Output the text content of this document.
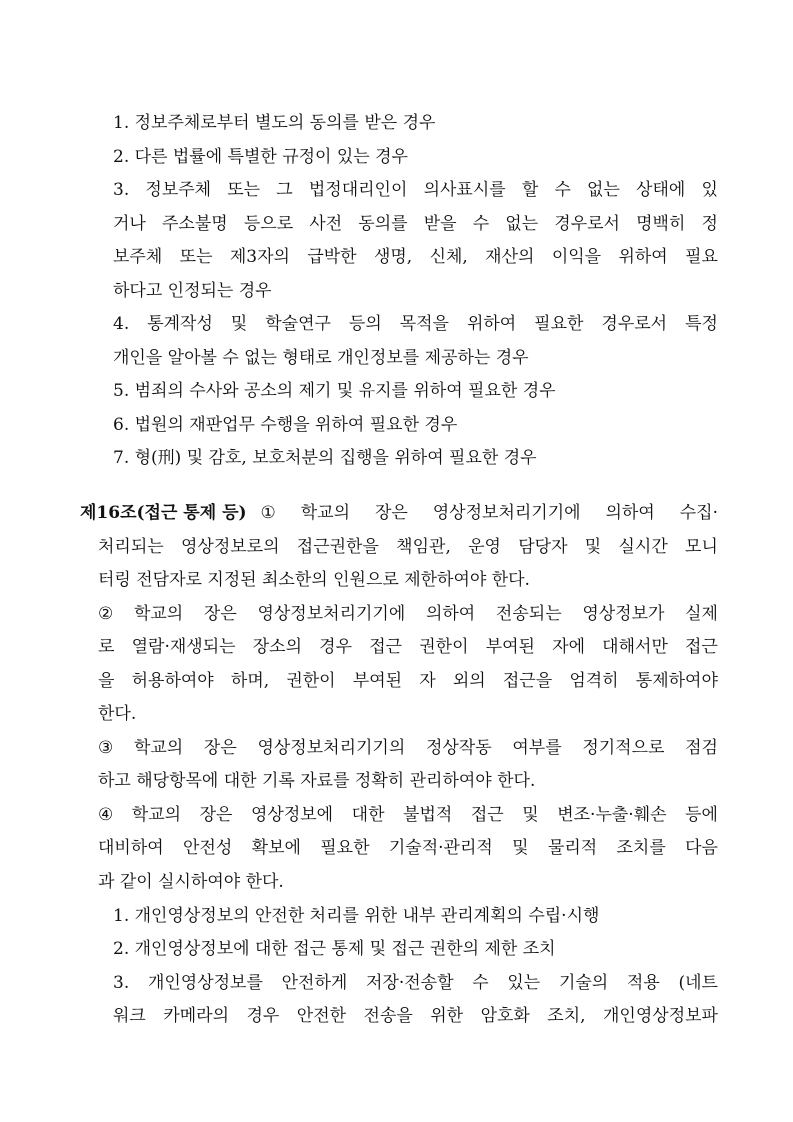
1. 정보주체로부터 별도의 동의를 받은 경우
2. 다른 법률에 특별한 규정이 있는 경우
3. 정보주체 또는 그 법정대리인이 의사표시를 할 수 없는 상태에 있
거나 주소불명 등으로 사전 동의를 받을 수 없는 경우로서 명백히 정
보주체 또는 제3자의 급박한 생명, 신체, 재산의 이익을 위하여 필요
하다고 인정되는 경우
4. 통계작성 및 학술연구 등의 목적을 위하여 필요한 경우로서 특정
개인을 알아볼 수 없는 형태로 개인정보를 제공하는 경우
5. 범죄의 수사와 공소의 제기 및 유지를 위하여 필요한 경우
6. 법원의 재판업무 수행을 위하여 필요한 경우
7. 형(刑) 및 감호, 보호처분의 집행을 위하여 필요한 경우
제16조(접근 통제 등) ① 학교의 장은 영상정보처리기기에 의하여 수집·
처리되는 영상정보로의 접근권한을 책임관, 운영 담당자 및 실시간 모니
터링 전담자로 지정된 최소한의 인원으로 제한하여야 한다.
② 학교의 장은 영상정보처리기기에 의하여 전송되는 영상정보가 실제
로 열람·재생되는 장소의 경우 접근 권한이 부여된 자에 대해서만 접근
을 허용하여야 하며, 권한이 부여된 자 외의 접근을 엄격히 통제하여야
한다.
③ 학교의 장은 영상정보처리기기의 정상작동 여부를 정기적으로 점검
하고 해당항목에 대한 기록 자료를 정확히 관리하여야 한다.
④ 학교의 장은 영상정보에 대한 불법적 접근 및 변조·누출·훼손 등에
대비하여 안전성 확보에 필요한 기술적·관리적 및 물리적 조치를 다음
과 같이 실시하여야 한다.
1. 개인영상정보의 안전한 처리를 위한 내부 관리계획의 수립·시행
2. 개인영상정보에 대한 접근 통제 및 접근 권한의 제한 조치
3. 개인영상정보를 안전하게 저장·전송할 수 있는 기술의 적용 (네트
워크 카메라의 경우 안전한 전송을 위한 암호화 조치, 개인영상정보파
